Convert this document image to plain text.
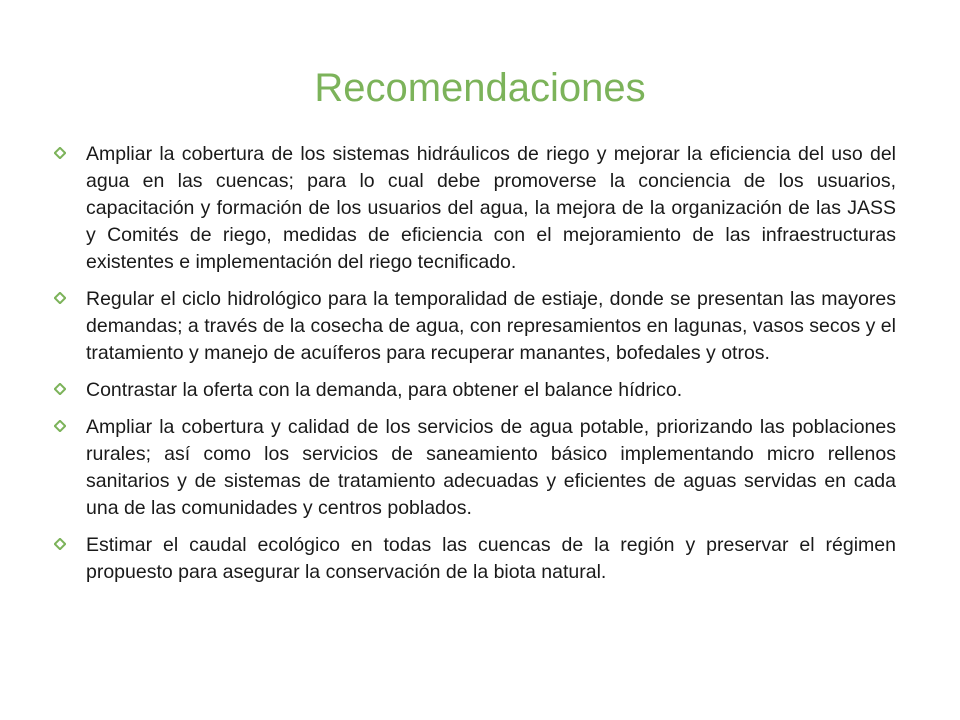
Recomendaciones
Ampliar la cobertura de los sistemas hidráulicos de riego y mejorar la eficiencia del uso del agua en las cuencas; para lo cual debe promoverse la conciencia de los usuarios, capacitación y formación de los usuarios del agua, la mejora de la organización de las JASS y Comités de riego, medidas de eficiencia con el mejoramiento de las infraestructuras existentes e implementación del riego tecnificado.
Regular el ciclo hidrológico para la temporalidad de estiaje, donde se presentan las mayores demandas; a través de la cosecha de agua, con represamientos en lagunas, vasos secos y el tratamiento y manejo de acuíferos para recuperar manantes, bofedales y otros.
Contrastar la oferta con la demanda, para obtener el balance hídrico.
Ampliar la cobertura y calidad de los servicios de agua potable, priorizando las poblaciones rurales; así como los servicios de saneamiento básico implementando micro rellenos sanitarios y de sistemas de tratamiento adecuadas y eficientes de aguas servidas en cada una de las comunidades y centros poblados.
Estimar el caudal ecológico en todas las cuencas de la región y preservar el régimen propuesto para asegurar la conservación de la biota natural.
